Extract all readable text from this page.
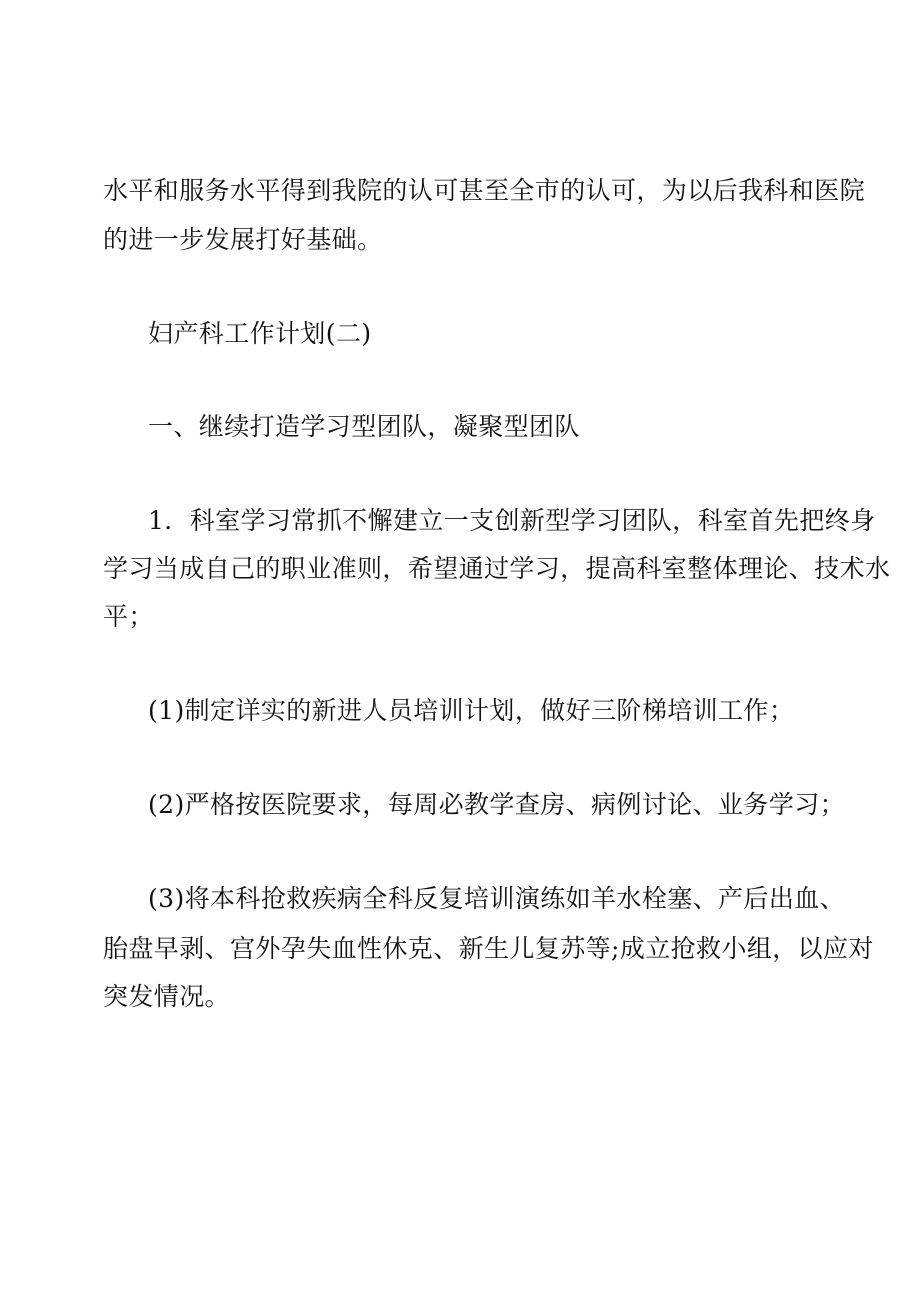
水平和服务水平得到我院的认可甚至全市的认可，为以后我科和医院
的进一步发展打好基础。
妇产科工作计划(二)
一、继续打造学习型团队，凝聚型团队
1．科室学习常抓不懈建立一支创新型学习团队，科室首先把终身
学习当成自己的职业准则，希望通过学习，提高科室整体理论、技术水
平；
(1)制定详实的新进人员培训计划，做好三阶梯培训工作；
(2)严格按医院要求，每周必教学查房、病例讨论、业务学习；
(3)将本科抢救疾病全科反复培训演练如羊水栓塞、产后出血、
胎盘早剥、宫外孕失血性休克、新生儿复苏等;成立抢救小组，以应对
突发情况。
